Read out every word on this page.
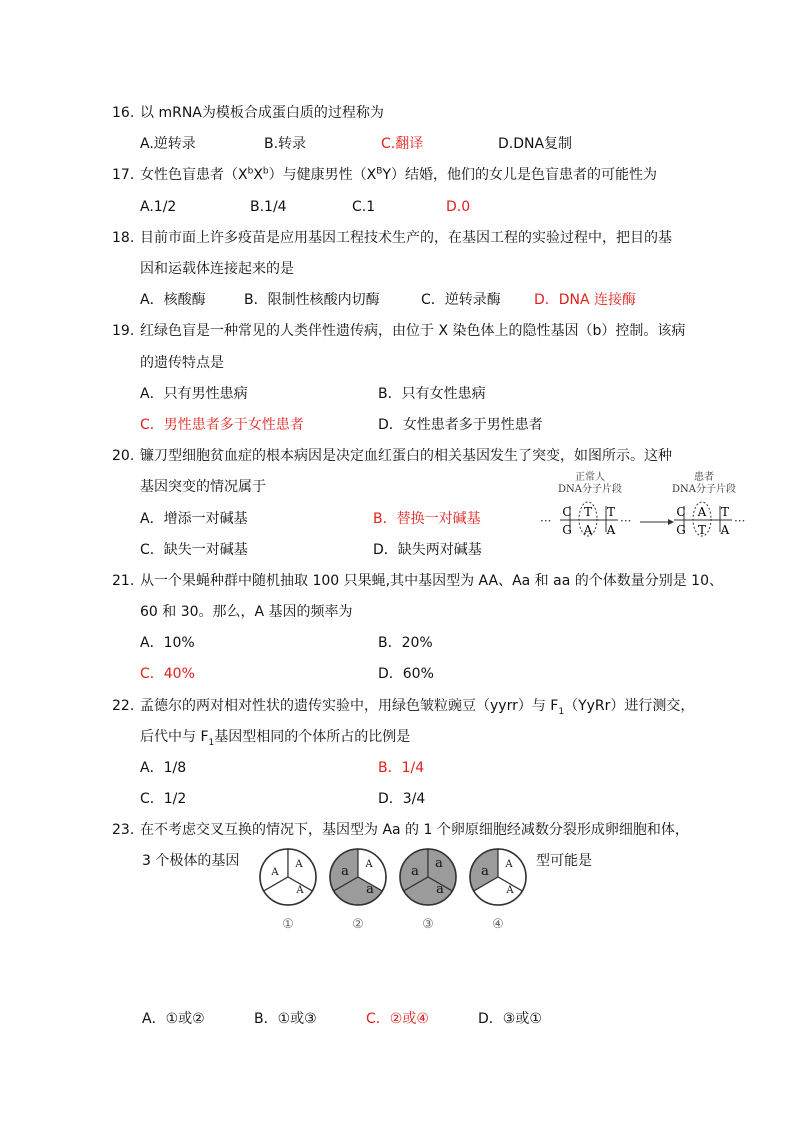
16. 以 mRNA为模板合成蛋白质的过程称为
A.逆转录	B.转录	C.翻译	D.DNA复制
17. 女性色盲患者$(X^bX^b)$与健康男性$(X^BY)$结婚，他们的女儿是色盲患者的可能性为
A.1/2	B.1/4	C.1	D.0
18. 目前市面上许多疫苗是应用基因工程技术生产的，在基因工程的实验过程中，把目的基
因和运载体连接起来的是
A．核酸酶	B．限制性核酸内切酶	C．逆转录酶 D．DNA 连接酶
19. 红绿色盲是一种常见的人类伴性遗传病，由位于 X 染色体上的隐性基因（b）控制。该病
的遗传特点是
A．只有男性患病	B．只有女性患病
C．男性患者多于女性患者	D．女性患者多于男性患者
20. 镰刀型细胞贫血症的根本病因是决定血红蛋白的相关基因发生了突变，如图所示。这种
基因突变的情况属于
A．增添一对碱基	B．替换一对碱基
C．缺失一对碱基	D．缺失两对碱基
正常人
DNA分子片段
患者
DNA分子片段
···
C T T
G A A
···
C A T
G T A
···
21. 从一个果蝇种群中随机抽取 100 只果蝇,其中基因型为 AA、Aa 和 aa 的个体数量分别是 10、
60 和 30。那么，A 基因的频率为
A．10%	B．20%
C．40%	D．60%
22. 孟德尔的两对相对性状的遗传实验中，用绿色皱粒豌豆（yyrr）与 $F_1(YyRr)$进行测交，
后代中与 $F_1$基因型相同的个体所占的比例是
A．1/8	B．1/4
C．1/2	D．3/4
23. 在不考虑交叉互换的情况下，基因型为 Aa 的 1 个卵原细胞经减数分裂形成卵细胞和体，
3 个极体的基因	型可能是
A
A
A
①
a A
a
②
a
a
a
③
a A
A
④
A．①或②	B．①或③	C．②或④	D．③或①
